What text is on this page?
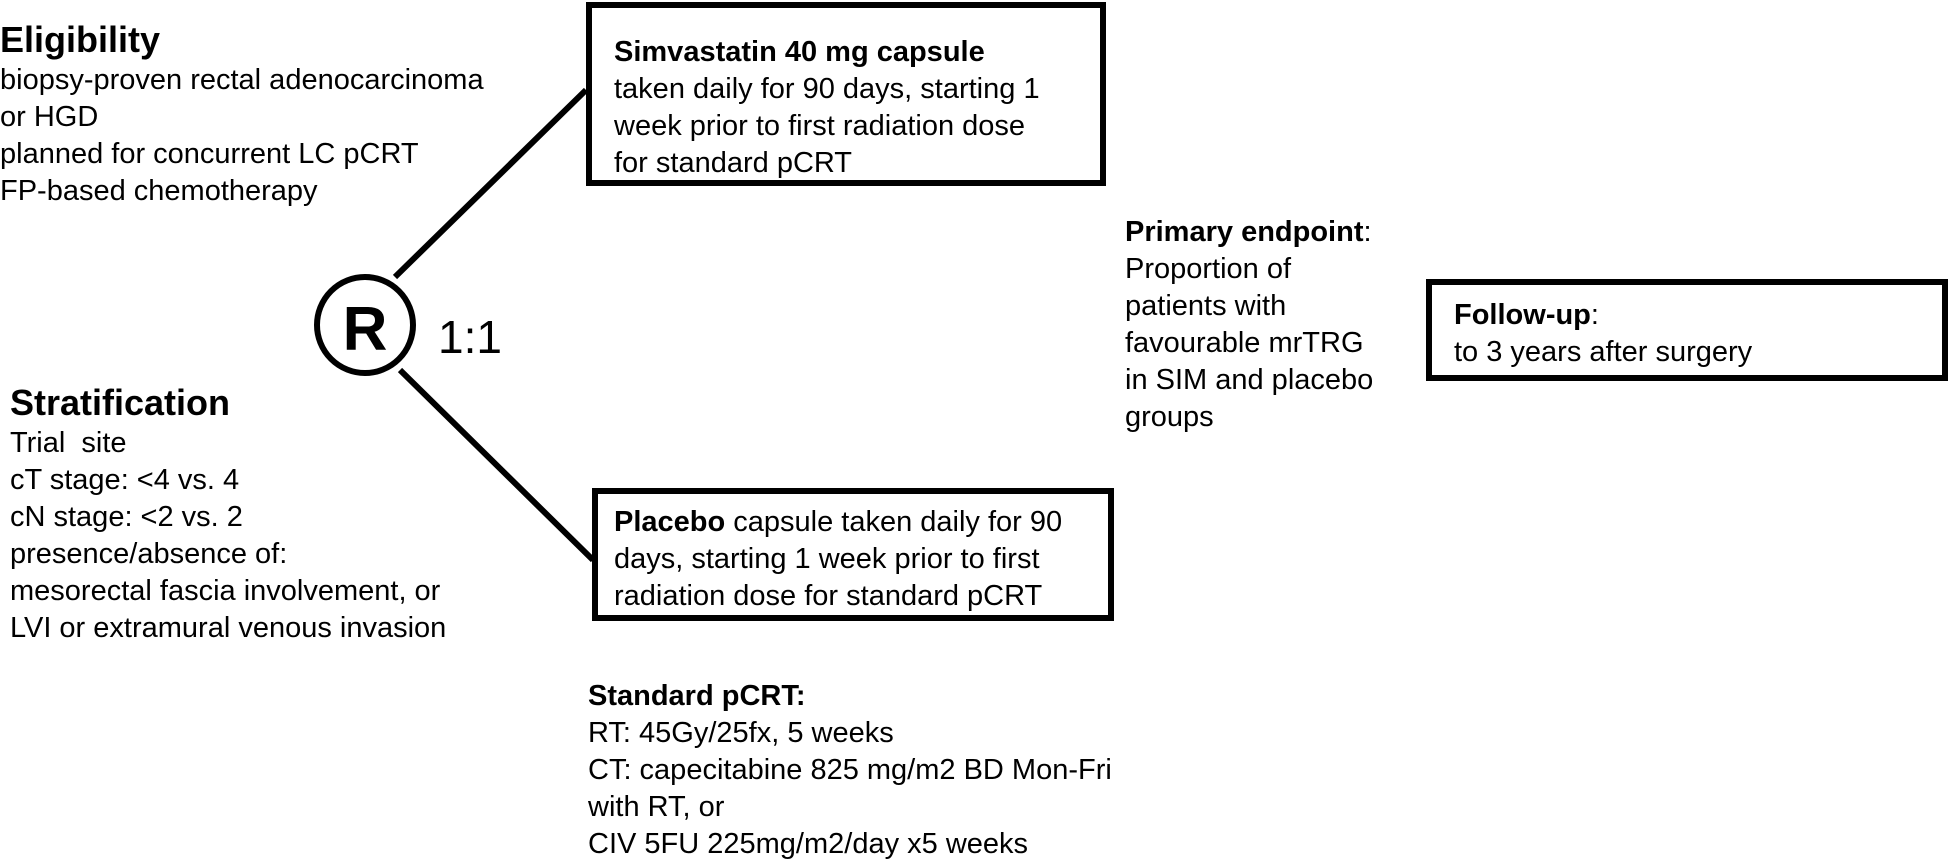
Eligibility
biopsy-proven rectal adenocarcinoma
or HGD
planned for concurrent LC pCRT
FP-based chemotherapy
Stratification
Trial  site
cT stage: <4 vs. 4
cN stage: <2 vs. 2
presence/absence of:
mesorectal fascia involvement, or
LVI or extramural venous invasion
R 1:1
Simvastatin 40 mg capsule
taken daily for 90 days, starting 1
week prior to first radiation dose
for standard pCRT
Placebo capsule taken daily for 90
days, starting 1 week prior to first
radiation dose for standard pCRT
Primary endpoint:
Proportion of
patients with
favourable mrTRG
in SIM and placebo
groups
Follow-up:
to 3 years after surgery
Standard pCRT:
RT: 45Gy/25fx, 5 weeks
CT: capecitabine 825 mg/m2 BD Mon-Fri
with RT, or
CIV 5FU 225mg/m2/day x5 weeks
